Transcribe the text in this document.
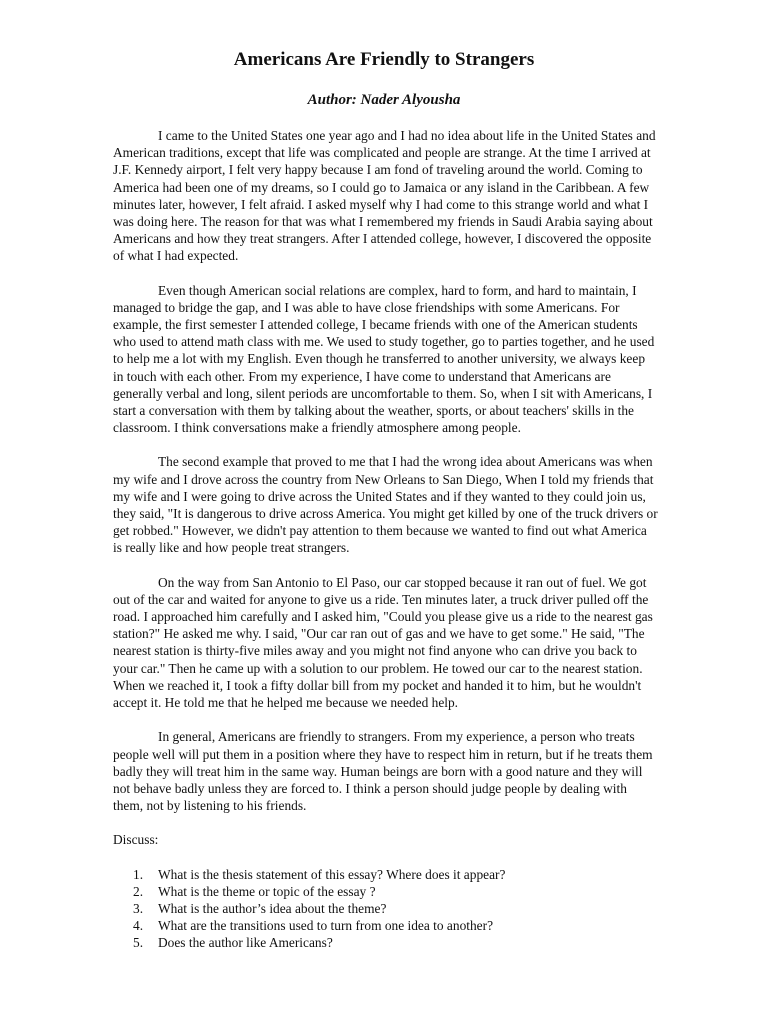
Americans Are Friendly to Strangers
Author: Nader Alyousha

I came to the United States one year ago and I had no idea about life in the United States and American traditions, except that life was complicated and people are strange. At the time I arrived at J.F. Kennedy airport, I felt very happy because I am fond of traveling around the world. Coming to America had been one of my dreams, so I could go to Jamaica or any island in the Caribbean. A few minutes later, however, I felt afraid. I asked myself why I had come to this strange world and what I was doing here. The reason for that was what I remembered my friends in Saudi Arabia saying about Americans and how they treat strangers. After I attended college, however, I discovered the opposite of what I had expected.

Even though American social relations are complex, hard to form, and hard to maintain, I managed to bridge the gap, and I was able to have close friendships with some Americans. For example, the first semester I attended college, I became friends with one of the American students who used to attend math class with me. We used to study together, go to parties together, and he used to help me a lot with my English. Even though he transferred to another university, we always keep in touch with each other. From my experience, I have come to understand that Americans are generally verbal and long, silent periods are uncomfortable to them. So, when I sit with Americans, I start a conversation with them by talking about the weather, sports, or about teachers' skills in the classroom. I think conversations make a friendly atmosphere among people.

The second example that proved to me that I had the wrong idea about Americans was when my wife and I drove across the country from New Orleans to San Diego, When I told my friends that my wife and I were going to drive across the United States and if they wanted to they could join us, they said, "It is dangerous to drive across America. You might get killed by one of the truck drivers or get robbed." However, we didn't pay attention to them because we wanted to find out what America is really like and how people treat strangers.

On the way from San Antonio to El Paso, our car stopped because it ran out of fuel. We got out of the car and waited for anyone to give us a ride. Ten minutes later, a truck driver pulled off the road. I approached him carefully and I asked him, "Could you please give us a ride to the nearest gas station?" He asked me why. I said, "Our car ran out of gas and we have to get some." He said, "The nearest station is thirty-five miles away and you might not find anyone who can drive you back to your car." Then he came up with a solution to our problem. He towed our car to the nearest station. When we reached it, I took a fifty dollar bill from my pocket and handed it to him, but he wouldn't accept it. He told me that he helped me because we needed help.

In general, Americans are friendly to strangers. From my experience, a person who treats people well will put them in a position where they have to respect him in return, but if he treats them badly they will treat him in the same way. Human beings are born with a good nature and they will not behave badly unless they are forced to. I think a person should judge people by dealing with them, not by listening to his friends.

Discuss:
1. What is the thesis statement of this essay? Where does it appear?
2. What is the theme or topic of the essay ?
3. What is the author’s idea about the theme?
4. What are the transitions used to turn from one idea to another?
5. Does the author like Americans?
